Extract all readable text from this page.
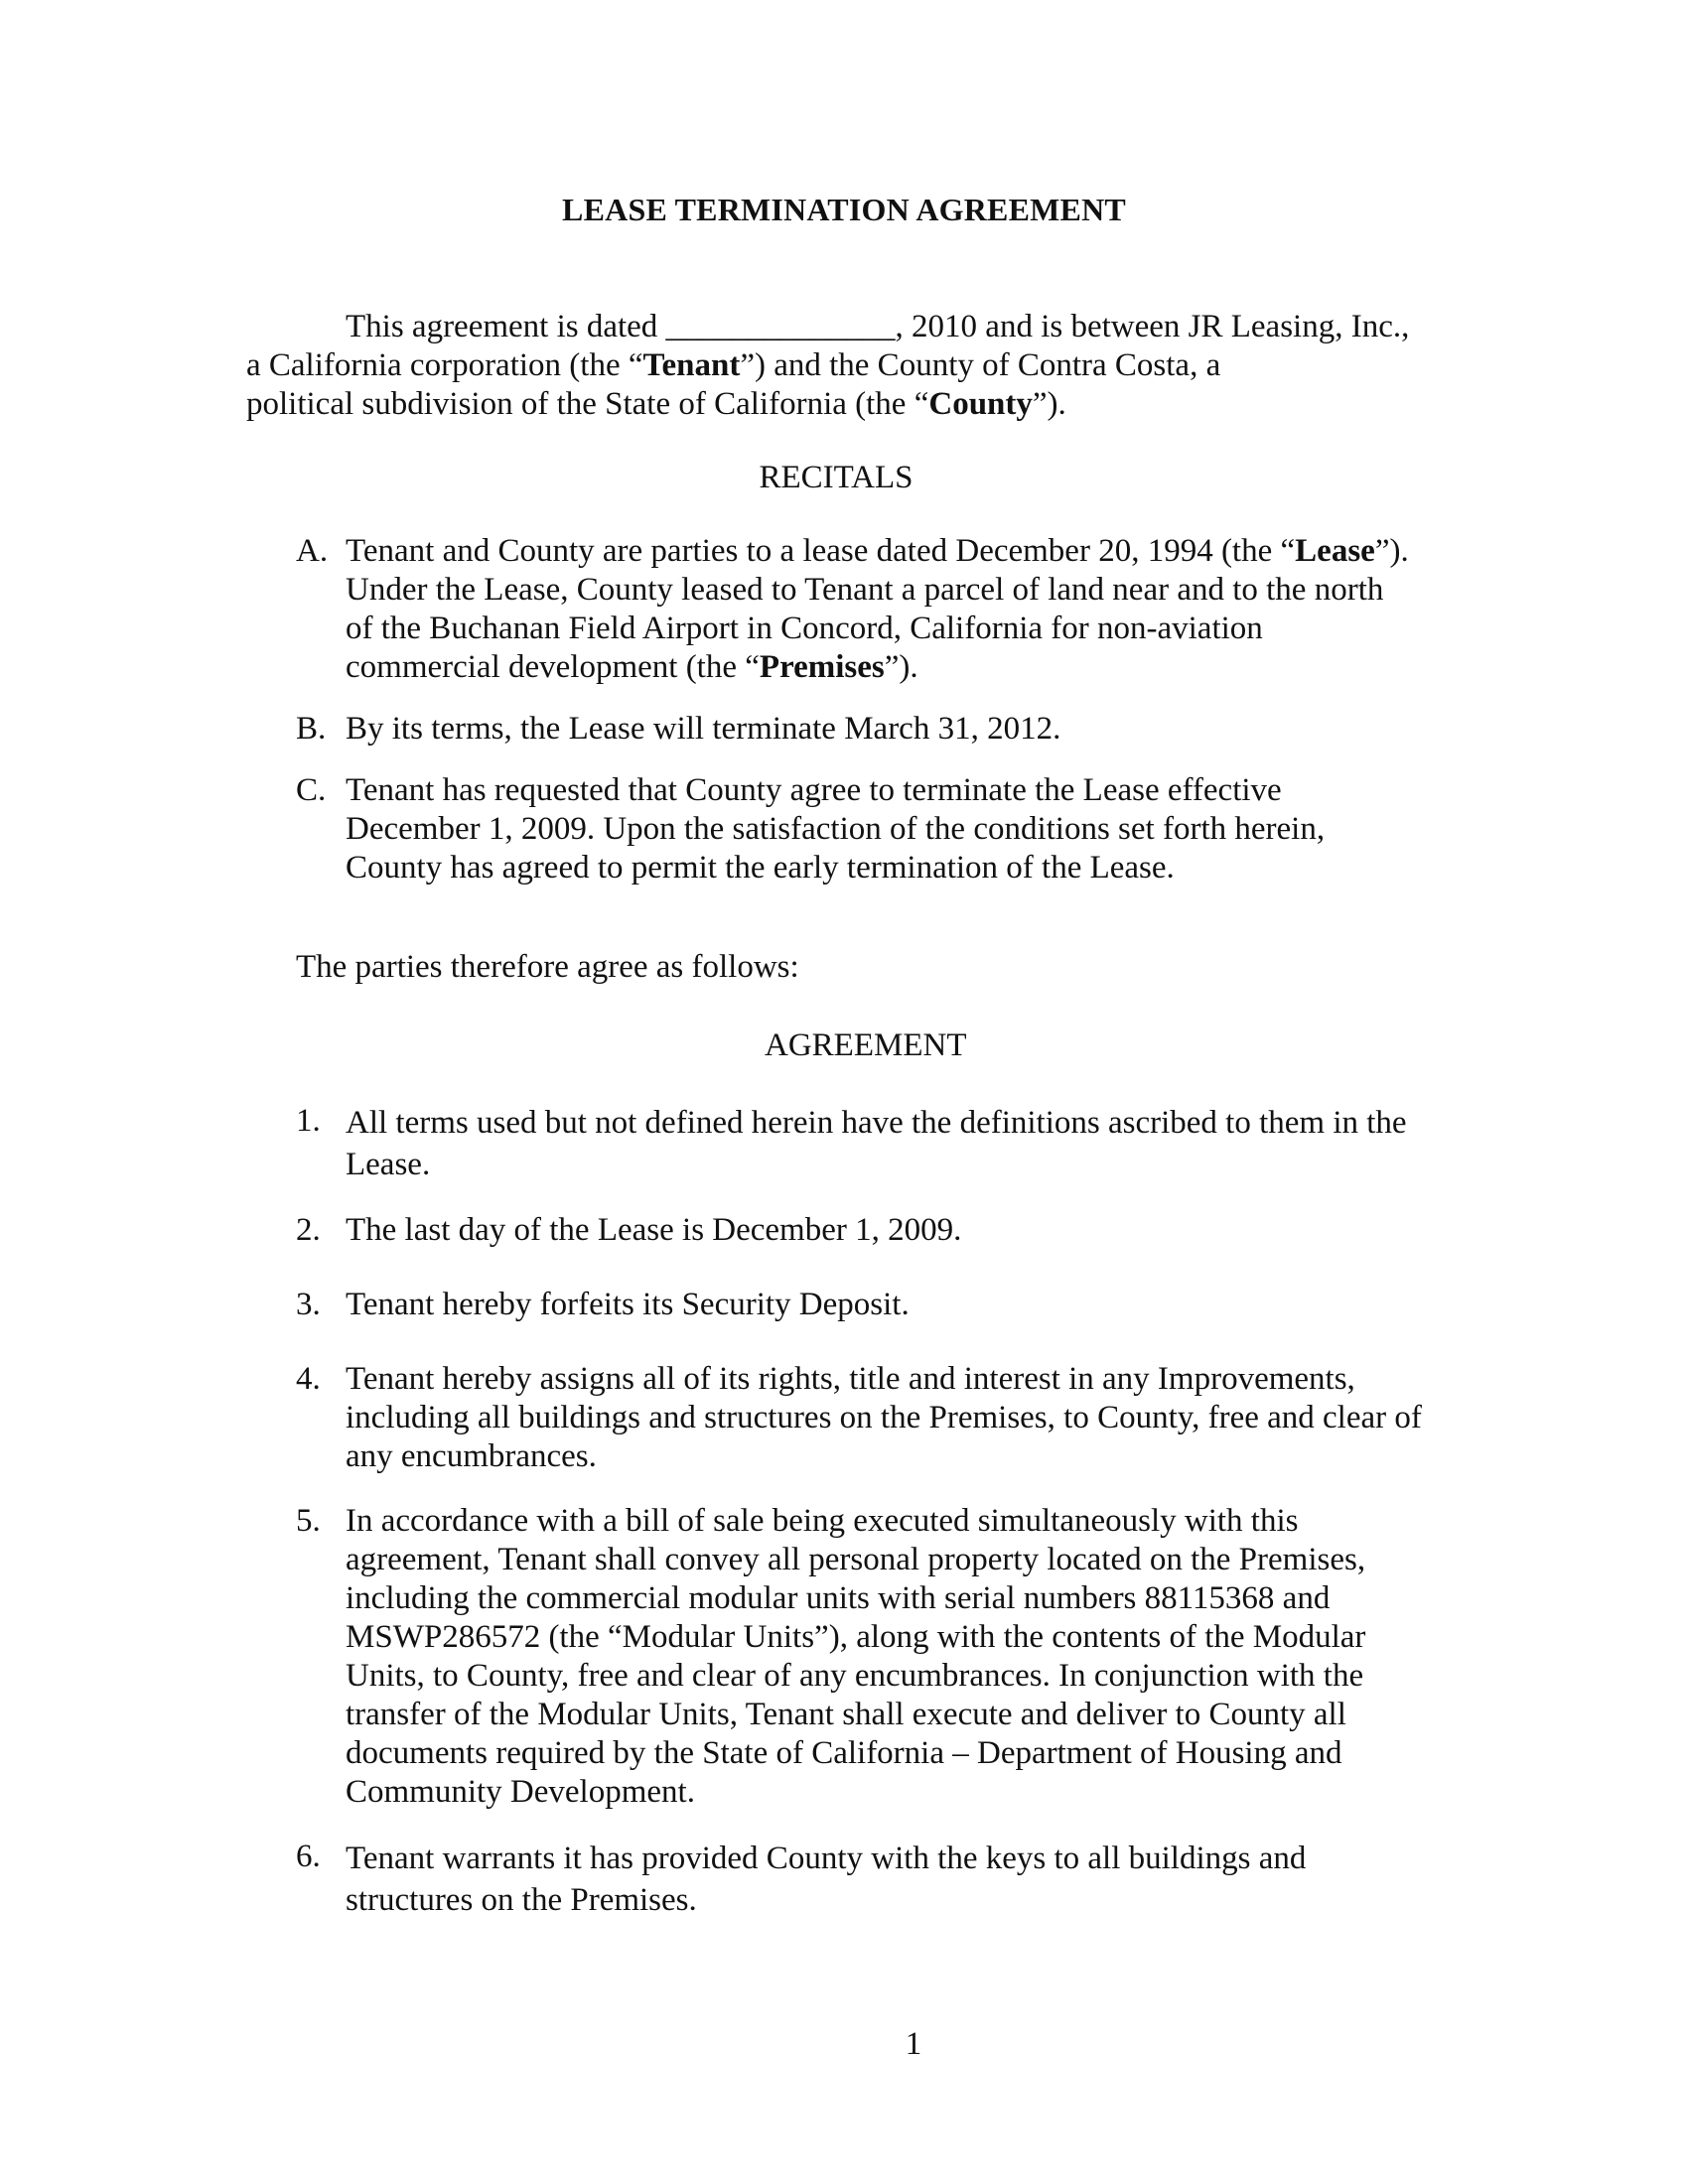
LEASE TERMINATION AGREEMENT
This agreement is dated ______________, 2010 and is between JR Leasing, Inc.,
a California corporation (the “Tenant”) and the County of Contra Costa, a
political subdivision of the State of California (the “County”).
RECITALS
A. Tenant and County are parties to a lease dated December 20, 1994 (the “Lease”).
Under the Lease, County leased to Tenant a parcel of land near and to the north
of the Buchanan Field Airport in Concord, California for non-aviation
commercial development (the “Premises”).
B. By its terms, the Lease will terminate March 31, 2012.
C. Tenant has requested that County agree to terminate the Lease effective
December 1, 2009. Upon the satisfaction of the conditions set forth herein,
County has agreed to permit the early termination of the Lease.
The parties therefore agree as follows:
AGREEMENT
1. All terms used but not defined herein have the definitions ascribed to them in the
Lease.
2. The last day of the Lease is December 1, 2009.
3. Tenant hereby forfeits its Security Deposit.
4. Tenant hereby assigns all of its rights, title and interest in any Improvements,
including all buildings and structures on the Premises, to County, free and clear of
any encumbrances.
5. In accordance with a bill of sale being executed simultaneously with this
agreement, Tenant shall convey all personal property located on the Premises,
including the commercial modular units with serial numbers 88115368 and
MSWP286572 (the “Modular Units”), along with the contents of the Modular
Units, to County, free and clear of any encumbrances. In conjunction with the
transfer of the Modular Units, Tenant shall execute and deliver to County all
documents required by the State of California – Department of Housing and
Community Development.
6. Tenant warrants it has provided County with the keys to all buildings and
structures on the Premises.
1
